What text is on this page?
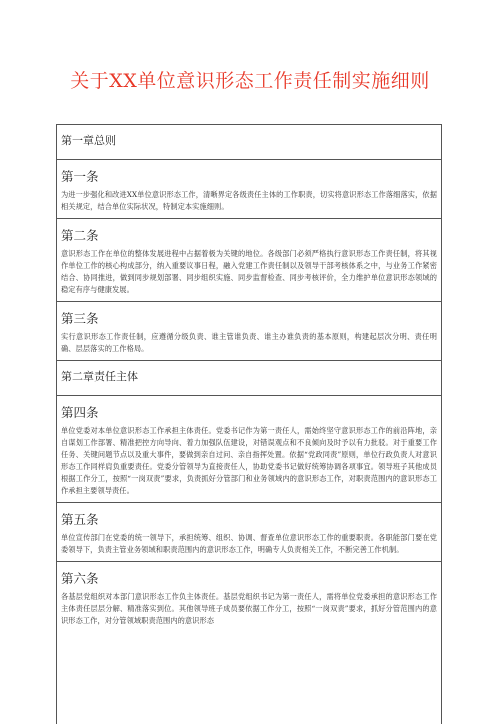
关于XX单位意识形态工作责任制实施细则
第一章总则
第一条

为进一步强化和改进XX单位意识形态工作，清晰界定各级责任主体的工作职责，切实将意识形态工作落细落实，依据相关规定，结合单位实际状况，特制定本实施细则。

第二条

意识形态工作在单位的整体发展进程中占据着极为关键的地位。各级部门必须严格执行意识形态工作责任制，将其视作单位工作的核心构成部分，纳入重要议事日程，融入党建工作责任制以及领导干部考核体系之中，与业务工作紧密结合、协同推进，做到同步规划部署、同步组织实施、同步监督检查、同步考核评价，全力维护单位意识形态领域的稳定有序与健康发展。

第三条

实行意识形态工作责任制，应遵循分级负责、谁主管谁负责、谁主办谁负责的基本原则，构建起层次分明、责任明确、层层落实的工作格局。

第二章责任主体
第四条

单位党委对本单位意识形态工作承担主体责任。党委书记作为第一责任人，需始终坚守意识形态工作的前沿阵地，亲自谋划工作部署、精准把控方向导向、着力加强队伍建设，对错误观点和不良倾向及时予以有力批驳。对于重要工作任务、关键问题节点以及重大事件，要做到亲自过问、亲自指挥处置。依据“党政同责”原则，单位行政负责人对意识形态工作同样肩负重要责任。党委分管领导为直接责任人，协助党委书记做好统筹协调各项事宜。领导班子其他成员根据工作分工，按照“一岗双责”要求，负责抓好分管部门和业务领域内的意识形态工作，对职责范围内的意识形态工作承担主要领导责任。

第五条

单位宣传部门在党委的统一领导下，承担统筹、组织、协调、督查单位意识形态工作的重要职责。各职能部门要在党委领导下，负责主管业务领域和职责范围内的意识形态工作，明确专人负责相关工作，不断完善工作机制。

第六条

各基层党组织对本部门意识形态工作负主体责任。基层党组织书记为第一责任人，需将单位党委承担的意识形态工作主体责任层层分解、精准落实到位。其他领导班子成员要依据工作分工，按照“一岗双责”要求，抓好分管范围内的意识形态工作，对分管领域职责范围内的意识形态
